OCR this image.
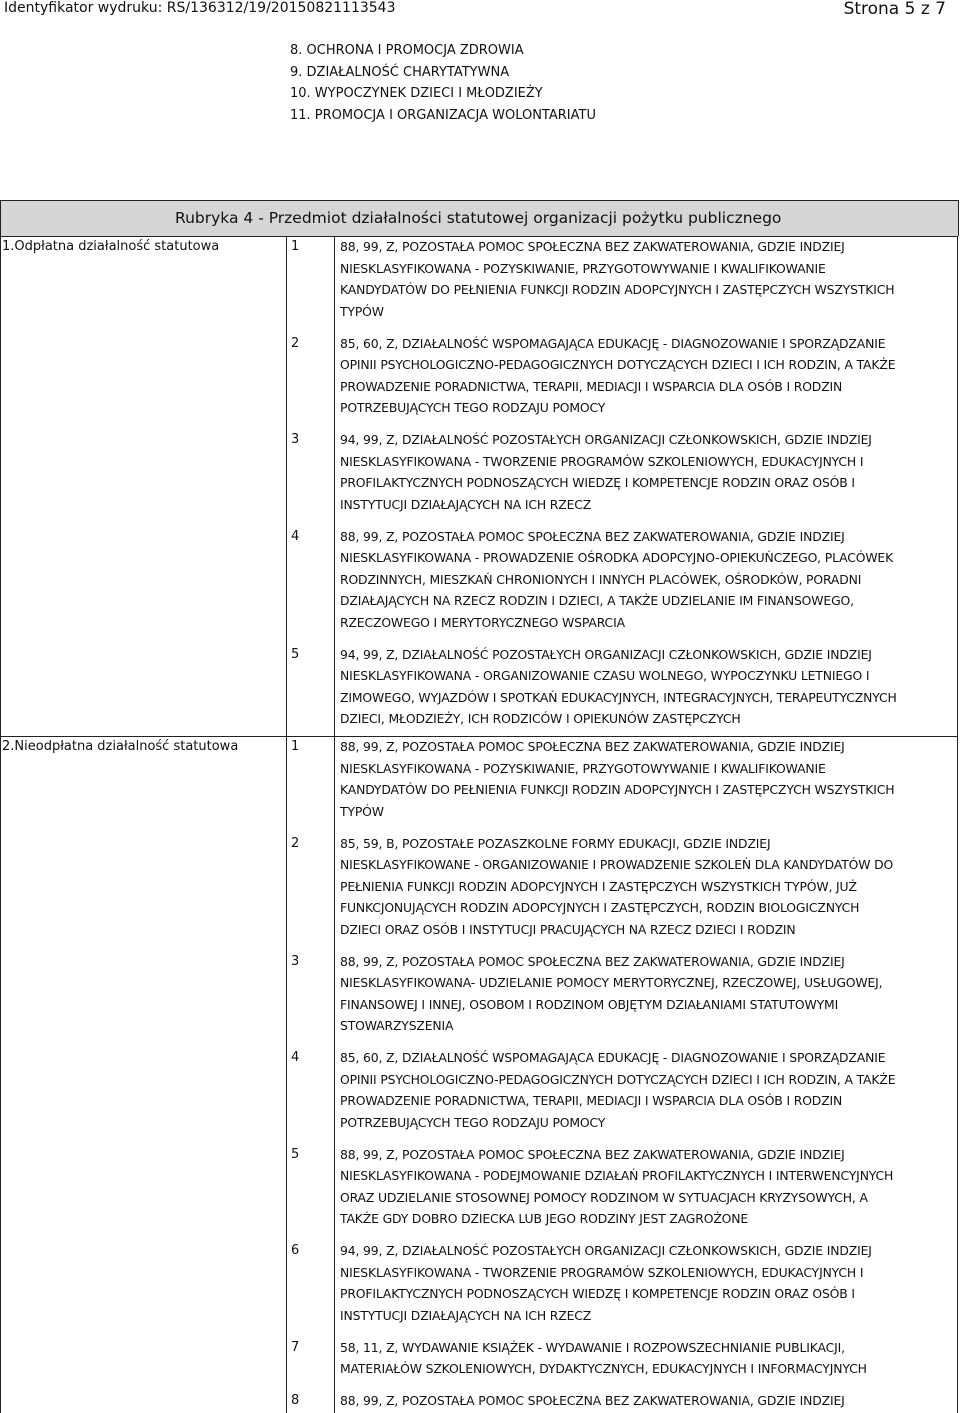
Identyfikator wydruku: RS/136312/19/20150821113543	Strona 5 z 7
8. OCHRONA I PROMOCJA ZDROWIA
9. DZIAŁALNOŚĆ CHARYTATYWNA
10. WYPOCZYNEK DZIECI I MŁODZIEŻY
11. PROMOCJA I ORGANIZACJA WOLONTARIATU
Rubryka 4 - Przedmiot działalności statutowej organizacji pożytku publicznego
1.Odpłatna działalność statutowa	1	88, 99, Z, POZOSTAŁA POMOC SPOŁECZNA BEZ ZAKWATEROWANIA, GDZIE INDZIEJ
NIESKLASYFIKOWANA - POZYSKIWANIE, PRZYGOTOWYWANIE I KWALIFIKOWANIE
KANDYDATÓW DO PEŁNIENIA FUNKCJI RODZIN ADOPCYJNYCH I ZASTĘPCZYCH WSZYSTKICH
TYPÓW
2	85, 60, Z, DZIAŁALNOŚĆ WSPOMAGAJĄCA EDUKACJĘ - DIAGNOZOWANIE I SPORZĄDZANIE
OPINII PSYCHOLOGICZNO-PEDAGOGICZNYCH DOTYCZĄCYCH DZIECI I ICH RODZIN, A TAKŻE
PROWADZENIE PORADNICTWA, TERAPII, MEDIACJI I WSPARCIA DLA OSÓB I RODZIN
POTRZEBUJĄCYCH TEGO RODZAJU POMOCY
3	94, 99, Z, DZIAŁALNOŚĆ POZOSTAŁYCH ORGANIZACJI CZŁONKOWSKICH, GDZIE INDZIEJ
NIESKLASYFIKOWANA - TWORZENIE PROGRAMÓW SZKOLENIOWYCH, EDUKACYJNYCH I
PROFILAKTYCZNYCH PODNOSZĄCYCH WIEDZĘ I KOMPETENCJE RODZIN ORAZ OSÓB I
INSTYTUCJI DZIAŁAJĄCYCH NA ICH RZECZ
4	88, 99, Z, POZOSTAŁA POMOC SPOŁECZNA BEZ ZAKWATEROWANIA, GDZIE INDZIEJ
NIESKLASYFIKOWANA - PROWADZENIE OŚRODKA ADOPCYJNO-OPIEKUŃCZEGO, PLACÓWEK
RODZINNYCH, MIESZKAŃ CHRONIONYCH I INNYCH PLACÓWEK, OŚRODKÓW, PORADNI
DZIAŁAJĄCYCH NA RZECZ RODZIN I DZIECI, A TAKŻE UDZIELANIE IM FINANSOWEGO,
RZECZOWEGO I MERYTORYCZNEGO WSPARCIA
5	94, 99, Z, DZIAŁALNOŚĆ POZOSTAŁYCH ORGANIZACJI CZŁONKOWSKICH, GDZIE INDZIEJ
NIESKLASYFIKOWANA - ORGANIZOWANIE CZASU WOLNEGO, WYPOCZYNKU LETNIEGO I
ZIMOWEGO, WYJAZDÓW I SPOTKAŃ EDUKACYJNYCH, INTEGRACYJNYCH, TERAPEUTYCZNYCH
DZIECI, MŁODZIEŻY, ICH RODZICÓW I OPIEKUNÓW ZASTĘPCZYCH
2.Nieodpłatna działalność statutowa	1	88, 99, Z, POZOSTAŁA POMOC SPOŁECZNA BEZ ZAKWATEROWANIA, GDZIE INDZIEJ
NIESKLASYFIKOWANA - POZYSKIWANIE, PRZYGOTOWYWANIE I KWALIFIKOWANIE
KANDYDATÓW DO PEŁNIENIA FUNKCJI RODZIN ADOPCYJNYCH I ZASTĘPCZYCH WSZYSTKICH
TYPÓW
2	85, 59, B, POZOSTAŁE POZASZKOLNE FORMY EDUKACJI, GDZIE INDZIEJ
NIESKLASYFIKOWANE - ORGANIZOWANIE I PROWADZENIE SZKOLEŃ DLA KANDYDATÓW DO
PEŁNIENIA FUNKCJI RODZIN ADOPCYJNYCH I ZASTĘPCZYCH WSZYSTKICH TYPÓW, JUŻ
FUNKCJONUJĄCYCH RODZIN ADOPCYJNYCH I ZASTĘPCZYCH, RODZIN BIOLOGICZNYCH
DZIECI ORAZ OSÓB I INSTYTUCJI PRACUJĄCYCH NA RZECZ DZIECI I RODZIN
3	88, 99, Z, POZOSTAŁA POMOC SPOŁECZNA BEZ ZAKWATEROWANIA, GDZIE INDZIEJ
NIESKLASYFIKOWANA- UDZIELANIE POMOCY MERYTORYCZNEJ, RZECZOWEJ, USŁUGOWEJ,
FINANSOWEJ I INNEJ, OSOBOM I RODZINOM OBJĘTYM DZIAŁANIAMI STATUTOWYMI
STOWARZYSZENIA
4	85, 60, Z, DZIAŁALNOŚĆ WSPOMAGAJĄCA EDUKACJĘ - DIAGNOZOWANIE I SPORZĄDZANIE
OPINII PSYCHOLOGICZNO-PEDAGOGICZNYCH DOTYCZĄCYCH DZIECI I ICH RODZIN, A TAKŻE
PROWADZENIE PORADNICTWA, TERAPII, MEDIACJI I WSPARCIA DLA OSÓB I RODZIN
POTRZEBUJĄCYCH TEGO RODZAJU POMOCY
5	88, 99, Z, POZOSTAŁA POMOC SPOŁECZNA BEZ ZAKWATEROWANIA, GDZIE INDZIEJ
NIESKLASYFIKOWANA - PODEJMOWANIE DZIAŁAŃ PROFILAKTYCZNYCH I INTERWENCYJNYCH
ORAZ UDZIELANIE STOSOWNEJ POMOCY RODZINOM W SYTUACJACH KRYZYSOWYCH, A
TAKŻE GDY DOBRO DZIECKA LUB JEGO RODZINY JEST ZAGROŻONE
6	94, 99, Z, DZIAŁALNOŚĆ POZOSTAŁYCH ORGANIZACJI CZŁONKOWSKICH, GDZIE INDZIEJ
NIESKLASYFIKOWANA - TWORZENIE PROGRAMÓW SZKOLENIOWYCH, EDUKACYJNYCH I
PROFILAKTYCZNYCH PODNOSZĄCYCH WIEDZĘ I KOMPETENCJE RODZIN ORAZ OSÓB I
INSTYTUCJI DZIAŁAJĄCYCH NA ICH RZECZ
7	58, 11, Z, WYDAWANIE KSIĄŻEK - WYDAWANIE I ROZPOWSZECHNIANIE PUBLIKACJI,
MATERIAŁÓW SZKOLENIOWYCH, DYDAKTYCZNYCH, EDUKACYJNYCH I INFORMACYJNYCH
8	88, 99, Z, POZOSTAŁA POMOC SPOŁECZNA BEZ ZAKWATEROWANIA, GDZIE INDZIEJ
